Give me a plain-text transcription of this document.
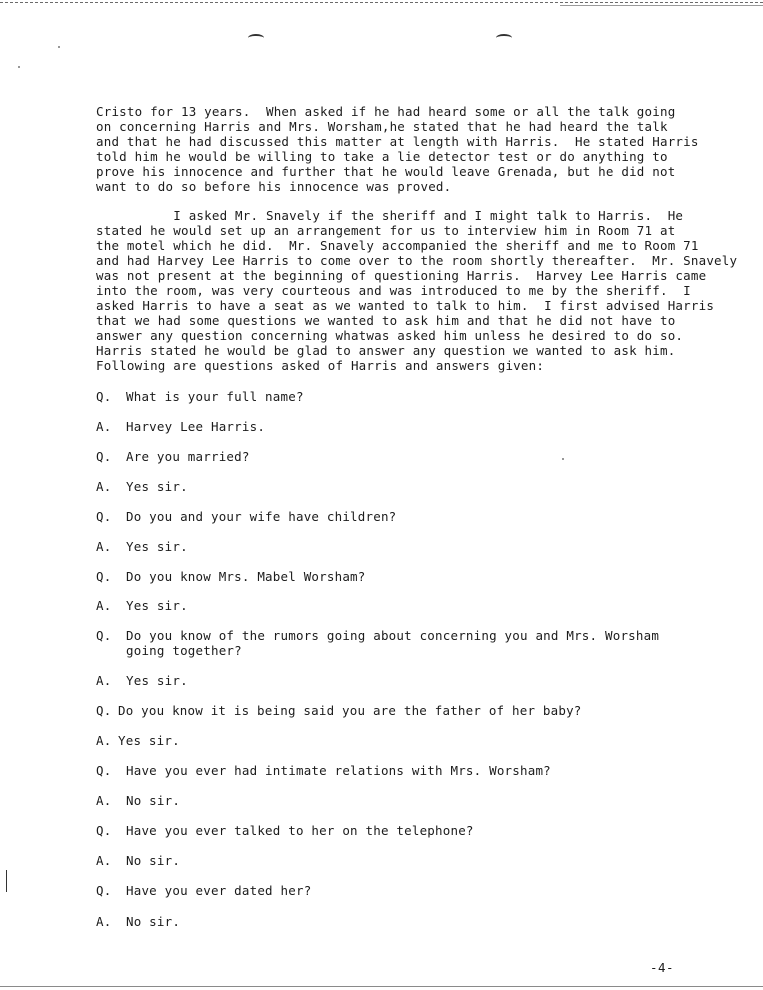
Cristo for 13 years.  When asked if he had heard some or all the talk going
on concerning Harris and Mrs. Worsham,he stated that he had heard the talk
and that he had discussed this matter at length with Harris.  He stated Harris
told him he would be willing to take a lie detector test or do anything to
prove his innocence and further that he would leave Grenada, but he did not
want to do so before his innocence was proved.
I asked Mr. Snavely if the sheriff and I might talk to Harris.  He
stated he would set up an arrangement for us to interview him in Room 71 at
the motel which he did.  Mr. Snavely accompanied the sheriff and me to Room 71
and had Harvey Lee Harris to come over to the room shortly thereafter.  Mr. Snavely
was not present at the beginning of questioning Harris.  Harvey Lee Harris came
into the room, was very courteous and was introduced to me by the sheriff.  I
asked Harris to have a seat as we wanted to talk to him.  I first advised Harris
that we had some questions we wanted to ask him and that he did not have to
answer any question concerning whatwas asked him unless he desired to do so.
Harris stated he would be glad to answer any question we wanted to ask him.
Following are questions asked of Harris and answers given:
Q. What is your full name?
A. Harvey Lee Harris.
Q. Are you married?
A. Yes sir.
Q. Do you and your wife have children?
A. Yes sir.
Q. Do you know Mrs. Mabel Worsham?
A. Yes sir.
Q. Do you know of the rumors going about concerning you and Mrs. Worsham
going together?
A. Yes sir.
Q. Do you know it is being said you are the father of her baby?
A. Yes sir.
Q. Have you ever had intimate relations with Mrs. Worsham?
A. No sir.
Q. Have you ever talked to her on the telephone?
A. No sir.
Q. Have you ever dated her?
A. No sir.
-4-
